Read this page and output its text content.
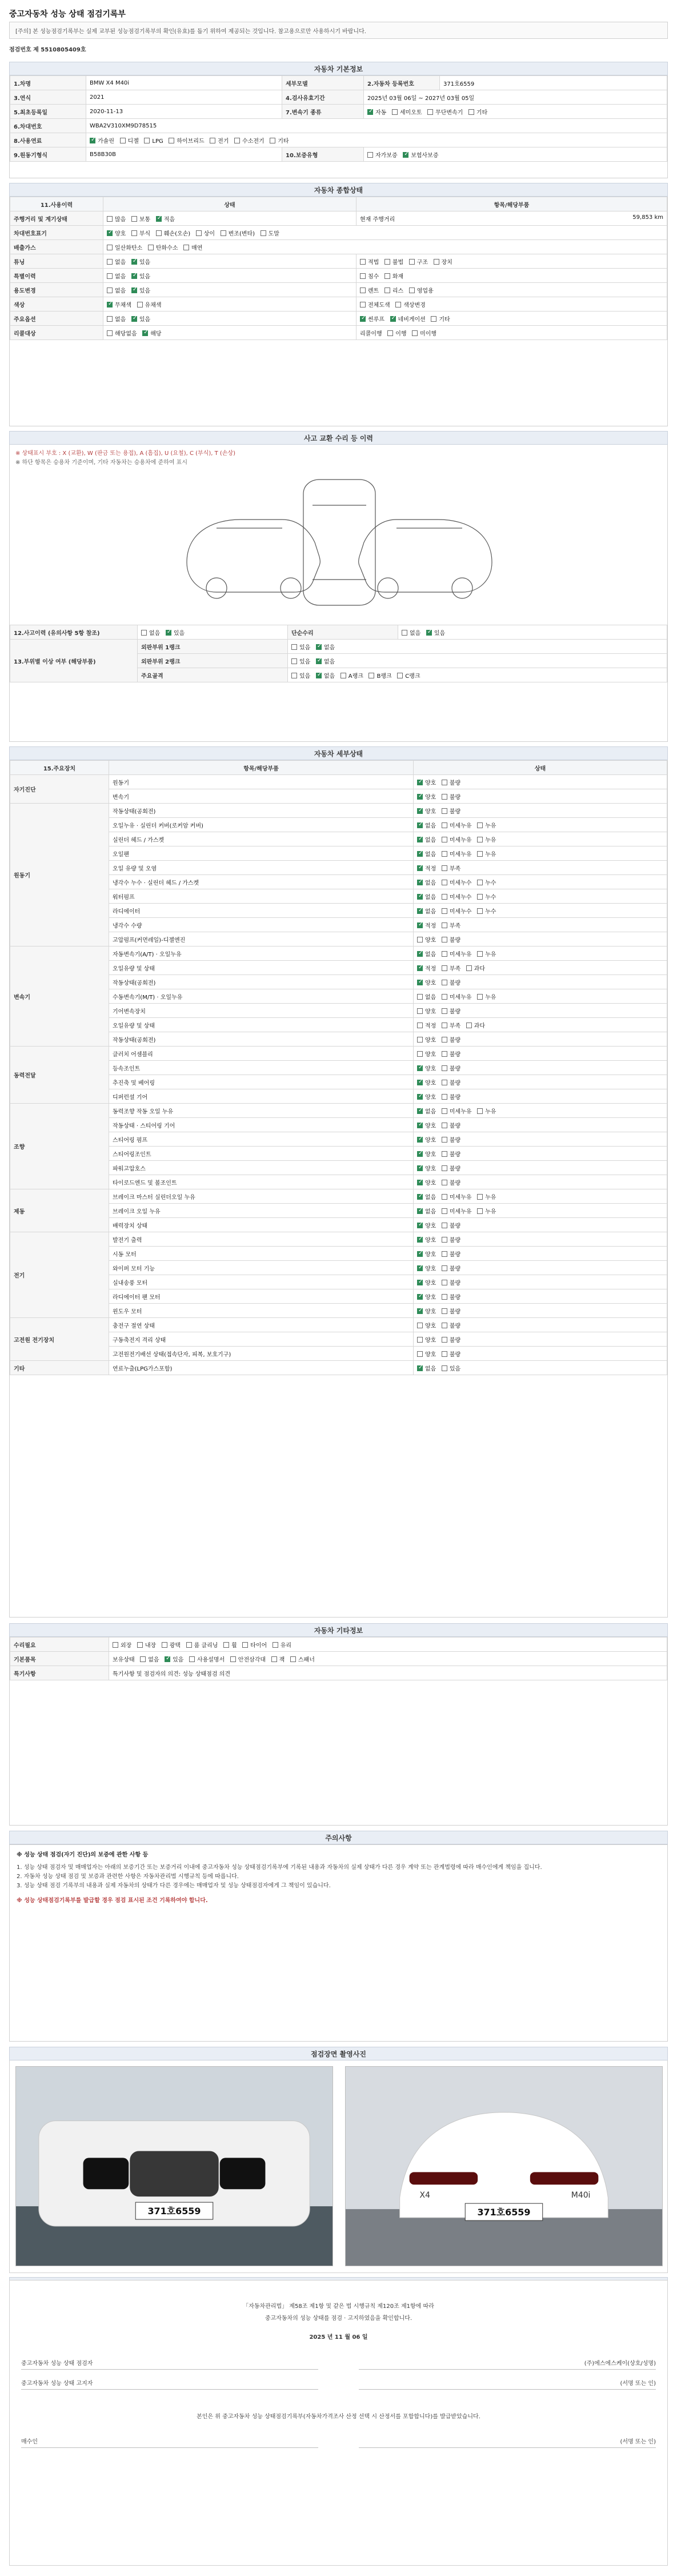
중고자동차 성능 상태 점검기록부
[주의] 본 성능점검기록부는 실제 교부된 성능점검기록부의 확인(유효)를 돕기 위하여 제공되는 것입니다. 참고용으로만 사용하시기 바랍니다.
점검번호 제 5510805409호
자동차 기본정보
1.차명	BMW X4 M40i	세부모델	2.자동차 등록번호	371호6559
3.연식	2021	4.검사유효기간	2025년 03월 06일 ~ 2027년 03월 05일	
5.최초등록일	2020-11-13	7.변속기 종류	✓자동 세미오토 무단변속기 기타
6.차대번호	WBA2V310XM9D78515			
8.사용연료	✓가솔린 디젤 LPG 하이브리드 전기 수소전기 기타
9.원동기형식	B58B30B	10.보증유형	자가보증 ✓ 보험사보증
자동차 종합상태
11.사용이력	상태	항목/해당부품
주행거리 및 계기상태	많음 보통 ✓ 적음	현재 주행거리 59,853 km

차대번호표기	✓양호 부식 훼손(오손) 상이 변조(변타) 도말
배출가스	일산화탄소 탄화수소 매연	
튜닝	없음 ✓ 있음	적법 불법 구조 장치
특별이력	없음 ✓ 있음	침수 화재
용도변경	없음 ✓ 있음	렌트 리스 영업용
색상	✓무채색 유채색	전체도색 색상변경
주요옵션	없음 ✓ 있음	✓썬루프 ✓ 네비게이션 기타
리콜대상	해당없음 ✓ 해당	리콜이행 이행 미이행
사고 교환 수리 등 이력
※ 상태표시 부호 : X (교환), W (판금 또는 용접), A (흠집), U (요철), C (부식), T (손상)
※ 하단 항목은 승용차 기준이며, 기타 자동차는 승용차에 준하여 표시
12.사고이력 (유의사항 5항 참조)	없음 ✓ 있음	단순수리	없음 ✓ 있음
13.부위별 이상 여부 (해당부품)	외판부위 1랭크	있음 ✓ 없음
	외판부위 2랭크	있음 ✓ 없음
	주요골격	있음 ✓ 없음 A랭크 B랭크 C랭크
자동차 세부상태
15.주요장치	항목/해당부품	상태
자기진단	원동기	✓양호 불량
	변속기	✓양호 불량
원동기	작동상태(공회전)	✓양호 불량
	오일누유 · 실린더 커버(로커암 커버)	✓없음 미세누유 누유
	실린더 헤드 / 가스켓	✓없음 미세누유 누유
	오일팬	✓없음 미세누유 누유
	오일 유량 및 오염	✓적정 부족
	냉각수 누수 · 실린더 헤드 / 가스켓	✓없음 미세누수 누수
	워터펌프	✓없음 미세누수 누수
	라디에이터	✓없음 미세누수 누수
	냉각수 수량	✓적정 부족
	고압펌프(커먼레일)-디젤엔진	양호 불량
변속기	자동변속기(A/T) · 오일누유	✓없음 미세누유 누유
	오일유량 및 상태	✓적정 부족 과다
	작동상태(공회전)	✓양호 불량
	수동변속기(M/T) · 오일누유	없음 미세누유 누유
	기어변속장치	양호 불량
	오일유량 및 상태	적정 부족 과다
	작동상태(공회전)	양호 불량
동력전달	클러치 어셈블리	양호 불량
	등속조인트	✓양호 불량
	추진축 및 베어링	✓양호 불량
	디퍼런셜 기어	✓양호 불량
조향	동력조향 작동 오일 누유	✓없음 미세누유 누유
	작동상태 · 스티어링 기어	✓양호 불량
	스티어링 펌프	✓양호 불량
	스티어링조인트	✓양호 불량
	파워고압호스	✓양호 불량
	타이로드엔드 및 볼조인트	✓양호 불량
제동	브레이크 마스터 실린더오일 누유	✓없음 미세누유 누유
	브레이크 오일 누유	✓없음 미세누유 누유
	배력장치 상태	✓양호 불량
전기	발전기 출력	✓양호 불량
	시동 모터	✓양호 불량
	와이퍼 모터 기능	✓양호 불량
	실내송풍 모터	✓양호 불량
	라디에이터 팬 모터	✓양호 불량
	윈도우 모터	✓양호 불량
고전원 전기장치	충전구 절연 상태	양호 불량
	구동축전지 격리 상태	양호 불량
	고전원전기배선 상태(접속단자, 피복, 보호기구)	양호 불량
기타	연료누출(LPG가스포함)	✓없음 있음
자동차 기타정보
수리필요	외장 내장 광택 룸 클리닝 휠 타이어 유리
기본품목	보유상태 없음 ✓ 있음 사용설명서 안전삼각대 잭 스패너
특기사항	특기사항 및 점검자의 의견: 성능 상태점검 의견
주의사항
※ 성능 상태 점검(자기 진단)의 보증에 관한 사항 등
1. 성능 상태 점검자 및 매매업자는 아래의 보증기간 또는 보증거리 이내에 중고자동차 성능 상태점검기록부에 기록된 내용과 자동차의 실제 상태가 다른 경우 계약 또는 관계법령에 따라 매수인에게 책임을 집니다.
2. 자동차 성능 상태 점검 및 보증과 관련한 사항은 자동차관리법 시행규칙 등에 따릅니다.
3. 성능 상태 점검 기록부의 내용과 실제 자동차의 상태가 다른 경우에는 매매업자 및 성능 상태점검자에게 그 책임이 있습니다.
※ 성능 상태점검기록부를 발급할 경우 점검 표시된 조건 기록하여야 합니다.
점검장면 촬영사진
371호6559
X4	M40i
371호6559
「자동차관리법」 제58조 제1항 및 같은 법 시행규칙 제120조 제1항에 따라
중고자동차의 성능 상태를 점검 · 고지하였음을 확인합니다.
2025 년 11 월 06 일
중고자동차 성능 상태 점검자	(주)에스에스케이(상호/성명)
중고자동차 성능 상태 고지자	(서명 또는 인)
본인은 위 중고자동차 성능 상태점검기록부(자동차가격조사 산정 선택 시 산정서를 포함합니다)를 발급받았습니다.
매수인	(서명 또는 인)
